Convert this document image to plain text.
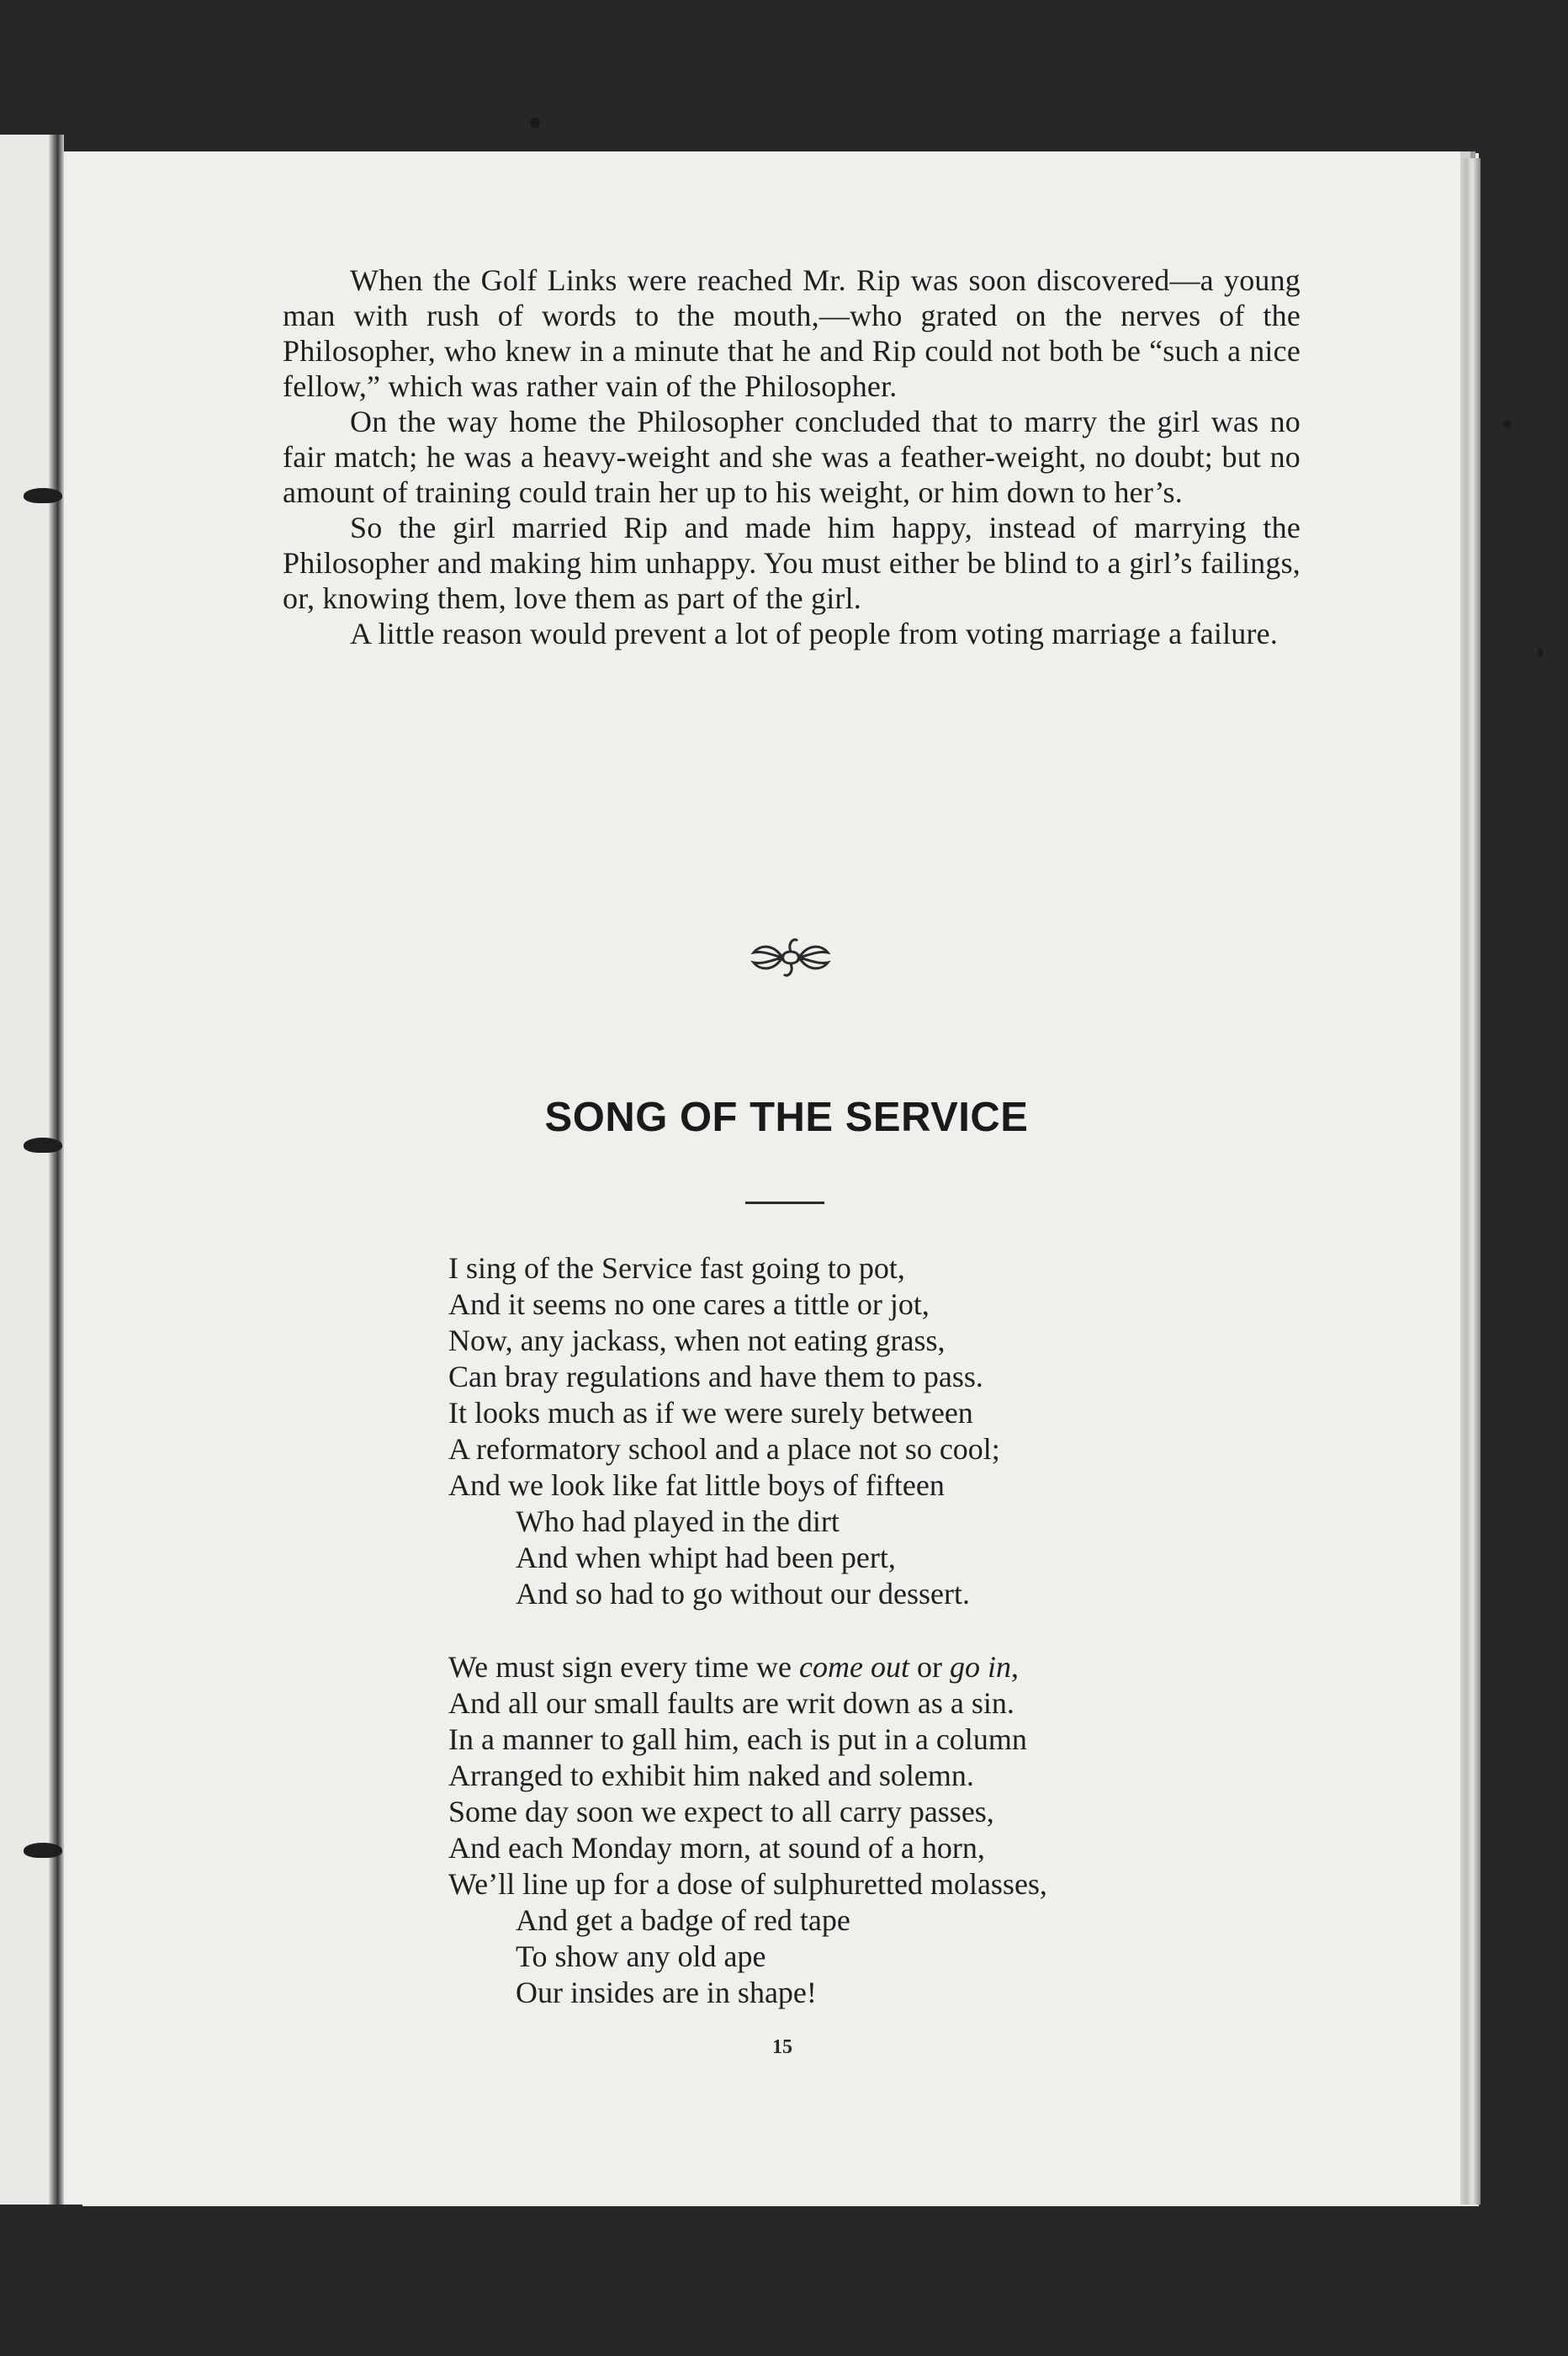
When the Golf Links were reached Mr. Rip was soon discovered—a young man with rush of words to the mouth,—who grated on the nerves of the Philosopher, who knew in a minute that he and Rip could not both be “such a nice fellow,” which was rather vain of the Philosopher.

On the way home the Philosopher concluded that to marry the girl was no fair match; he was a heavy-weight and she was a feather-weight, no doubt; but no amount of training could train her up to his weight, or him down to her’s.

So the girl married Rip and made him happy, instead of marrying the Philosopher and making him unhappy. You must either be blind to a girl’s failings, or, knowing them, love them as part of the girl.

A little reason would prevent a lot of people from voting marriage a failure.

SONG OF THE SERVICE
I sing of the Service fast going to pot,
And it seems no one cares a tittle or jot,
Now, any jackass, when not eating grass,
Can bray regulations and have them to pass.
It looks much as if we were surely between
A reformatory school and a place not so cool;
And we look like fat little boys of fifteen
Who had played in the dirt
And when whipt had been pert,
And so had to go without our dessert.
We must sign every time we come out or go in,
And all our small faults are writ down as a sin.
In a manner to gall him, each is put in a column
Arranged to exhibit him naked and solemn.
Some day soon we expect to all carry passes,
And each Monday morn, at sound of a horn,
We’ll line up for a dose of sulphuretted molasses,
And get a badge of red tape
To show any old ape
Our insides are in shape!
15
